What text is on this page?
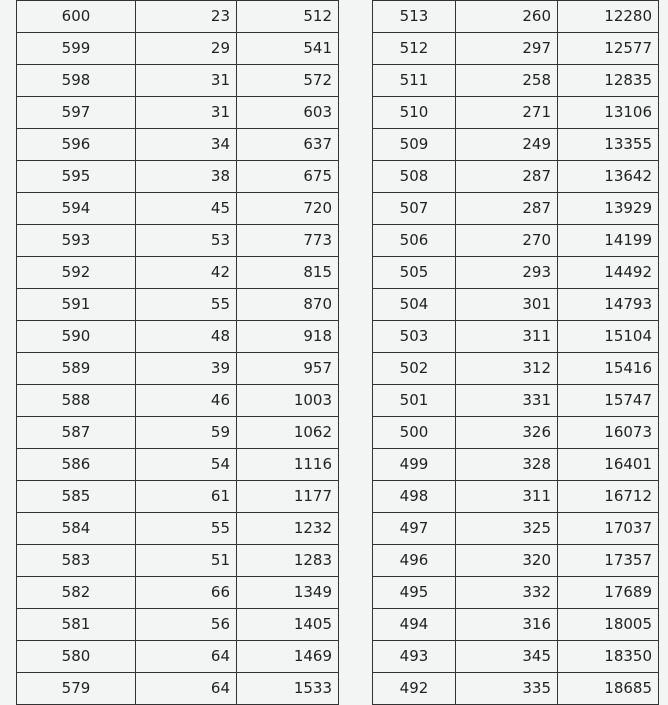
600	23	512
599	29	541
598	31	572
597	31	603
596	34	637
595	38	675
594	45	720
593	53	773
592	42	815
591	55	870
590	48	918
589	39	957
588	46	1003
587	59	1062
586	54	1116
585	61	1177
584	55	1232
583	51	1283
582	66	1349
581	56	1405
580	64	1469
579	64	1533
513	260	12280
512	297	12577
511	258	12835
510	271	13106
509	249	13355
508	287	13642
507	287	13929
506	270	14199
505	293	14492
504	301	14793
503	311	15104
502	312	15416
501	331	15747
500	326	16073
499	328	16401
498	311	16712
497	325	17037
496	320	17357
495	332	17689
494	316	18005
493	345	18350
492	335	18685
